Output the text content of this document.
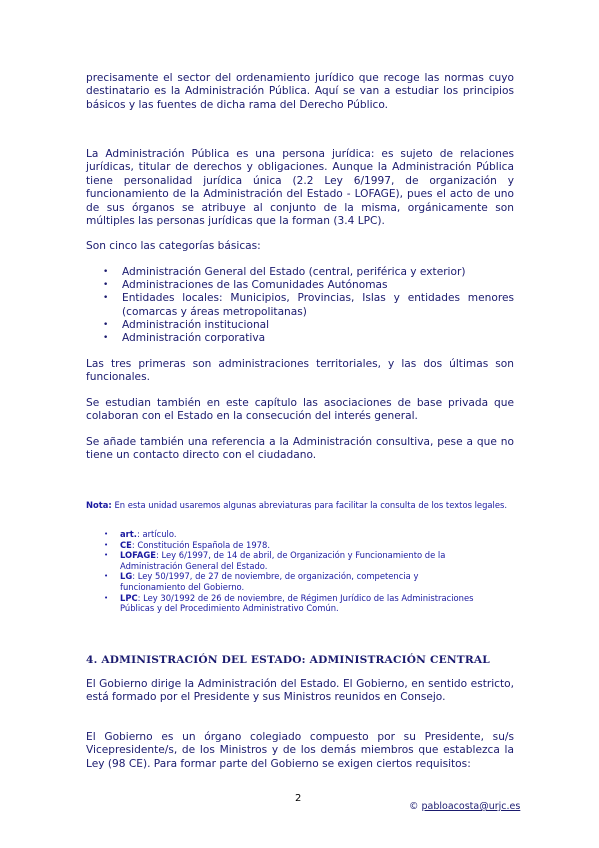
precisamente el sector del ordenamiento jurídico que recoge las normas cuyo destinatario es la Administración Pública. Aquí se van a estudiar los principios básicos y las fuentes de dicha rama del Derecho Público.

La Administración Pública es una persona jurídica: es sujeto de relaciones jurídicas, titular de derechos y obligaciones. Aunque la Administración Pública tiene personalidad jurídica única (2.2 Ley 6/1997, de organización y funcionamiento de la Administración del Estado - LOFAGE), pues el acto de uno de sus órganos se atribuye al conjunto de la misma, orgánicamente son múltiples las personas jurídicas que la forman (3.4 LPC).

Son cinco las categorías básicas:

• Administración General del Estado (central, periférica y exterior)
• Administraciones de las Comunidades Autónomas
• Entidades locales: Municipios, Provincias, Islas y entidades menores (comarcas y áreas metropolitanas)
• Administración institucional
• Administración corporativa

Las tres primeras son administraciones territoriales, y las dos últimas son funcionales.

Se estudian también en este capítulo las asociaciones de base privada que colaboran con el Estado en la consecución del interés general.

Se añade también una referencia a la Administración consultiva, pese a que no tiene un contacto directo con el ciudadano.

Nota: En esta unidad usaremos algunas abreviaturas para facilitar la consulta de los textos legales.

• art.: artículo.
• CE: Constitución Española de 1978.
• LOFAGE: Ley 6/1997, de 14 de abril, de Organización y Funcionamiento de la Administración General del Estado.
• LG: Ley 50/1997, de 27 de noviembre, de organización, competencia y funcionamiento del Gobierno.
• LPC: Ley 30/1992 de 26 de noviembre, de Régimen Jurídico de las Administraciones Públicas y del Procedimiento Administrativo Común.
4. ADMINISTRACIÓN DEL ESTADO: ADMINISTRACIÓN CENTRAL

El Gobierno dirige la Administración del Estado. El Gobierno, en sentido estricto, está formado por el Presidente y sus Ministros reunidos en Consejo.

El Gobierno es un órgano colegiado compuesto por su Presidente, su/s Vicepresidente/s, de los Ministros y de los demás miembros que establezca la Ley (98 CE). Para formar parte del Gobierno se exigen ciertos requisitos:

2
© pabloacosta@urjc.es
